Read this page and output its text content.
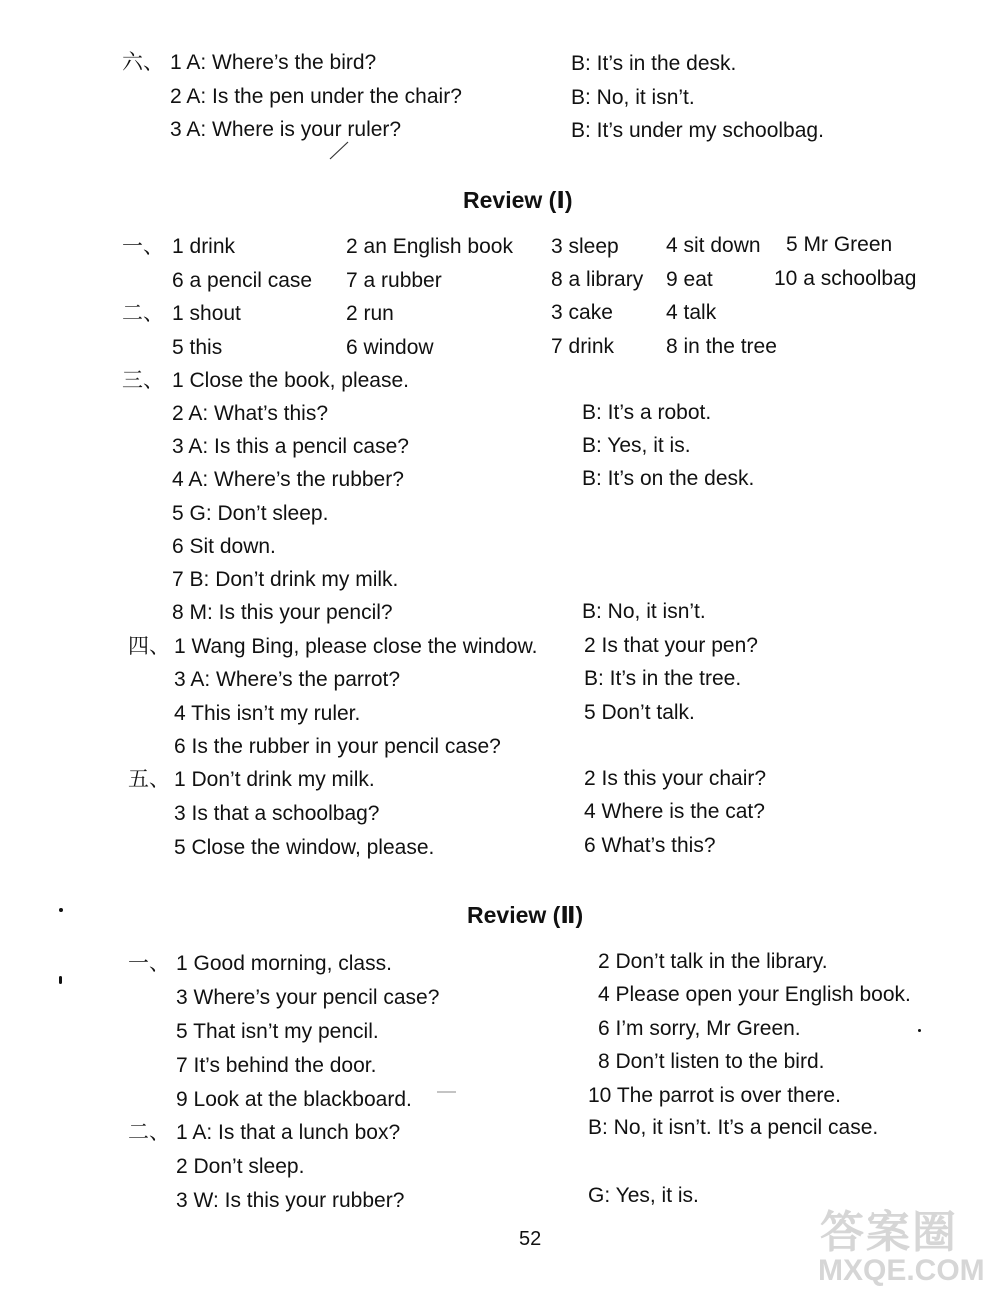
六、 1 A: Where’s the bird?	B: It’s in the desk.
2 A: Is the pen under the chair?	B: No, it isn’t.
3 A: Where is your ruler?	B: It’s under my schoolbag.
Review (Ⅰ)
一、 1 drink	2 an English book 3 sleep 4 sit down 5 Mr Green
6 a pencil case 7 a rubber	8 a library 9 eat	10 a schoolbag
二、 1 shout	2 run	3 cake	4 talk
5 this	6 window	7 drink 8 in the tree
三、 1 Close the book, please.
2 A: What’s this?	B: It’s a robot.
3 A: Is this a pencil case?	B: Yes, it is.
4 A: Where’s the rubber?	B: It’s on the desk.
5 G: Don’t sleep.
6 Sit down.
7 B: Don’t drink my milk.
8 M: Is this your pencil?	B: No, it isn’t.
四、 1 Wang Bing, please close the window. 2 Is that your pen?
3 A: Where’s the parrot?	B: It’s in the tree.
4 This isn’t my ruler.	5 Don’t talk.
6 Is the rubber in your pencil case?
五、 1 Don’t drink my milk.	2 Is this your chair?
3 Is that a schoolbag?	4 Where is the cat?
5 Close the window, please.	6 What’s this?
Review (Ⅱ)
一、 1 Good morning, class.	2 Don’t talk in the library.
3 Where’s your pencil case?	4 Please open your English book.
5 That isn’t my pencil.	6 I’m sorry, Mr Green.
7 It’s behind the door.	8 Don’t listen to the bird.
9 Look at the blackboard.	10 The parrot is over there.
二、 1 A: Is that a lunch box?	B: No, it isn’t. It’s a pencil case.
2 Don’t sleep.
3 W: Is this your rubber?	G: Yes, it is.
52	答案圈
MXQE.COM
